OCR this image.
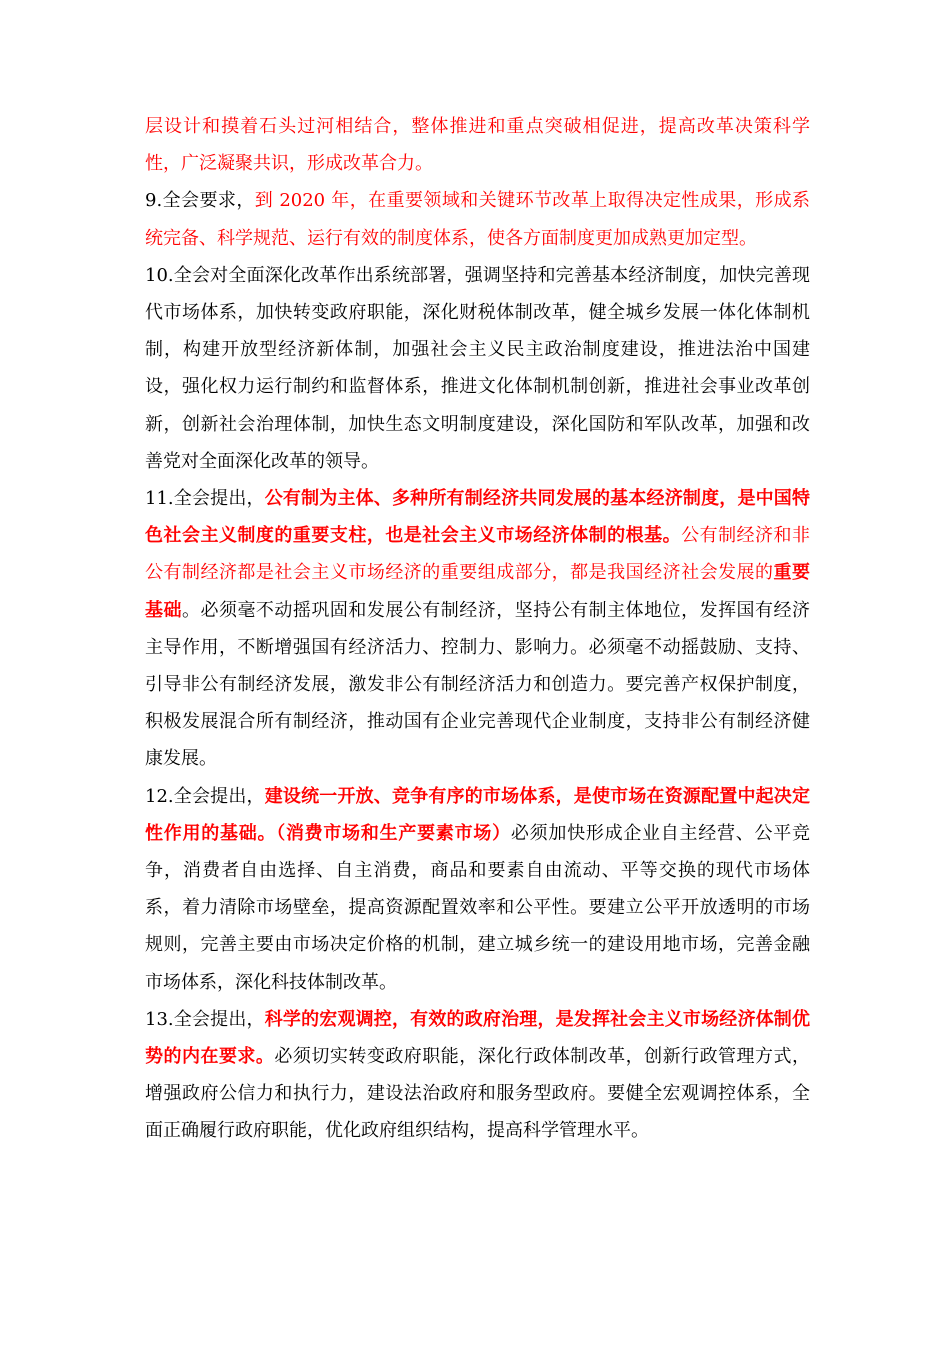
层设计和摸着石头过河相结合，整体推进和重点突破相促进，提高改革决策科学性，广泛凝聚共识，形成改革合力。

9.全会要求，到 2020 年，在重要领域和关键环节改革上取得决定性成果，形成系统完备、科学规范、运行有效的制度体系，使各方面制度更加成熟更加定型。

10.全会对全面深化改革作出系统部署，强调坚持和完善基本经济制度，加快完善现代市场体系，加快转变政府职能，深化财税体制改革，健全城乡发展一体化体制机制，构建开放型经济新体制，加强社会主义民主政治制度建设，推进法治中国建设，强化权力运行制约和监督体系，推进文化体制机制创新，推进社会事业改革创新，创新社会治理体制，加快生态文明制度建设，深化国防和军队改革，加强和改善党对全面深化改革的领导。

11.全会提出，公有制为主体、多种所有制经济共同发展的基本经济制度，是中国特色社会主义制度的重要支柱，也是社会主义市场经济体制的根基。公有制经济和非公有制经济都是社会主义市场经济的重要组成部分，都是我国经济社会发展的重要基础。必须毫不动摇巩固和发展公有制经济，坚持公有制主体地位，发挥国有经济主导作用，不断增强国有经济活力、控制力、影响力。必须毫不动摇鼓励、支持、引导非公有制经济发展，激发非公有制经济活力和创造力。要完善产权保护制度，积极发展混合所有制经济，推动国有企业完善现代企业制度，支持非公有制经济健康发展。

12.全会提出，建设统一开放、竞争有序的市场体系，是使市场在资源配置中起决定性作用的基础。（消费市场和生产要素市场）必须加快形成企业自主经营、公平竞争，消费者自由选择、自主消费，商品和要素自由流动、平等交换的现代市场体系，着力清除市场壁垒，提高资源配置效率和公平性。要建立公平开放透明的市场规则，完善主要由市场决定价格的机制，建立城乡统一的建设用地市场，完善金融市场体系，深化科技体制改革。

13.全会提出，科学的宏观调控，有效的政府治理，是发挥社会主义市场经济体制优势的内在要求。必须切实转变政府职能，深化行政体制改革，创新行政管理方式，增强政府公信力和执行力，建设法治政府和服务型政府。要健全宏观调控体系，全面正确履行政府职能，优化政府组织结构，提高科学管理水平。
